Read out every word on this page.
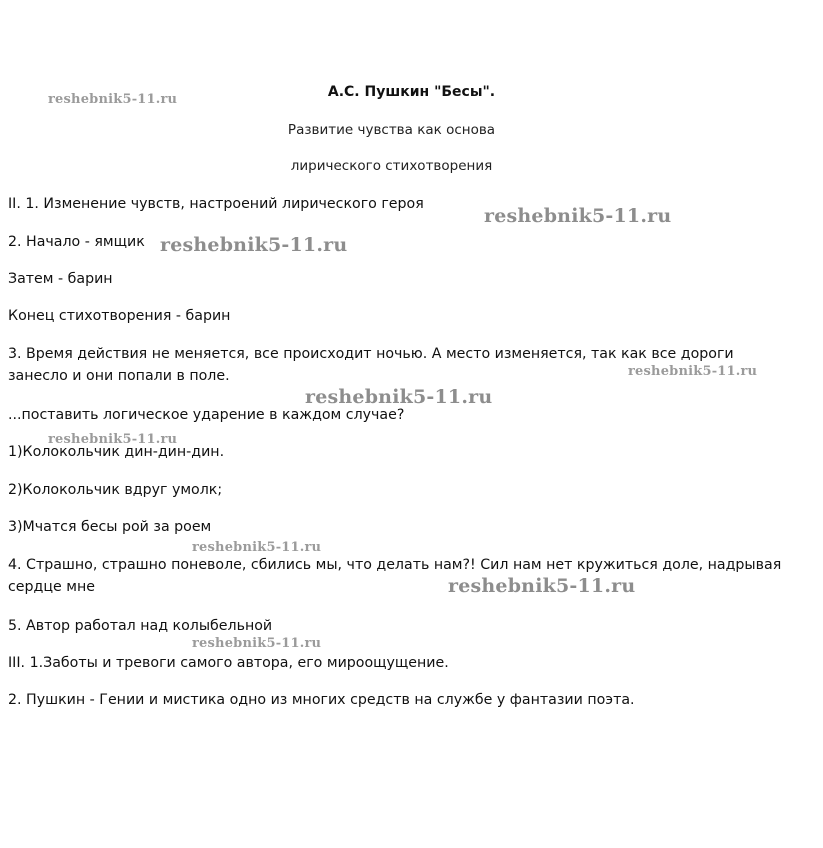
А.С. Пушкин "Бесы".
Развитие чувства как основа
лирического стихотворения
II. 1. Изменение чувств, настроений лирического героя
2. Начало - ямщик
Затем - барин
Конец стихотворения - барин
3. Время действия не меняется, все происходит ночью. А место изменяется, так как все дороги занесло и они попали в поле.
...поставить логическое ударение в каждом случае?
1)Колокольчик дин-дин-дин.
2)Колокольчик вдруг умолк;
3)Мчатся бесы рой за роем
4. Страшно, страшно поневоле, сбились мы, что делать нам?! Сил нам нет кружиться доле, надрывая сердце мне
5. Автор работал над колыбельной
III. 1.Заботы и тревоги самого автора, его мироощущение.
2. Пушкин - Гении и мистика одно из многих средств на службе у фантазии поэта.
reshebnik5-11.ru
reshebnik5-11.ru
reshebnik5-11.ru
reshebnik5-11.ru
reshebnik5-11.ru
reshebnik5-11.ru
reshebnik5-11.ru
reshebnik5-11.ru
reshebnik5-11.ru
